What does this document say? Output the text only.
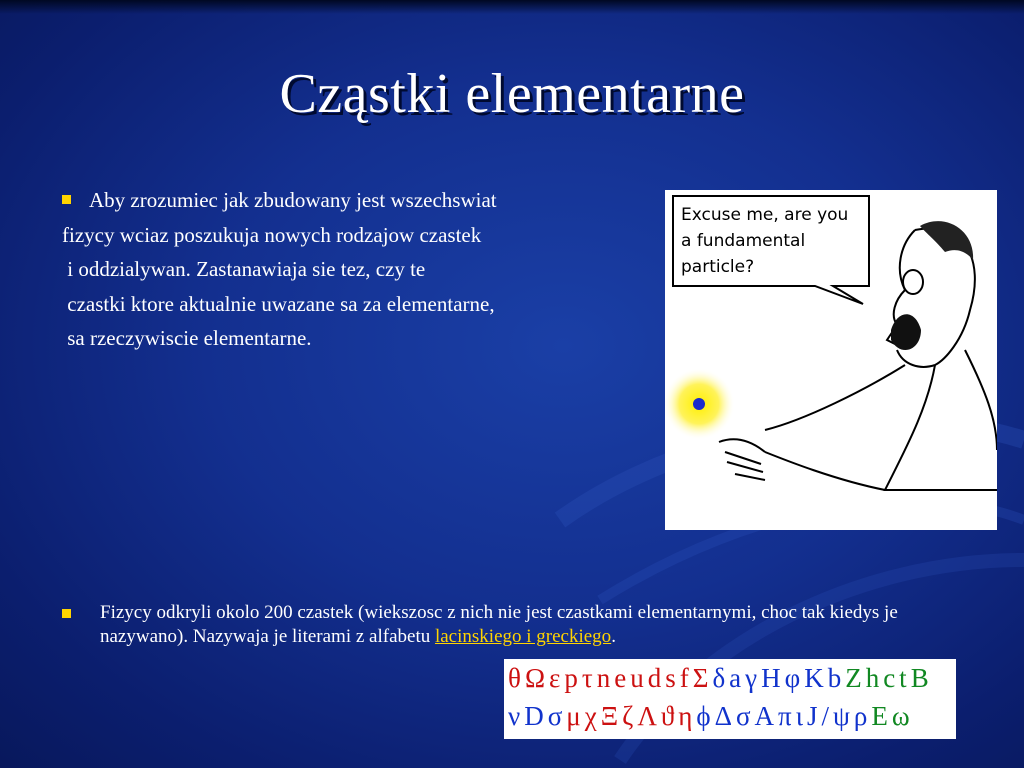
Cząstki elementarne
Aby zrozumiec jak zbudowany jest wszechswiat
fizycy wciaz poszukuja nowych rodzajow czastek
i oddzialywan. Zastanawiaja sie tez, czy te
czastki ktore aktualnie uwazane sa za elementarne,
sa rzeczywiscie elementarne.
Excuse me, are you
a fundamental
particle?
Fizycy odkryli okolo 200 czastek (wiekszosc z nich nie jest czastkami elementarnymi, choc tak kiedys je nazywano). Nazywaja je literami z alfabetu lacinskiego i greckiego.
θ Ω ε p τ n e u d s f Σ δ a γ H φ K b Z h c t B
ν D σ μ χ Ξ ζ Λ ϑ η ϕ Δ σ A π ι J / ψ ρ E ω
